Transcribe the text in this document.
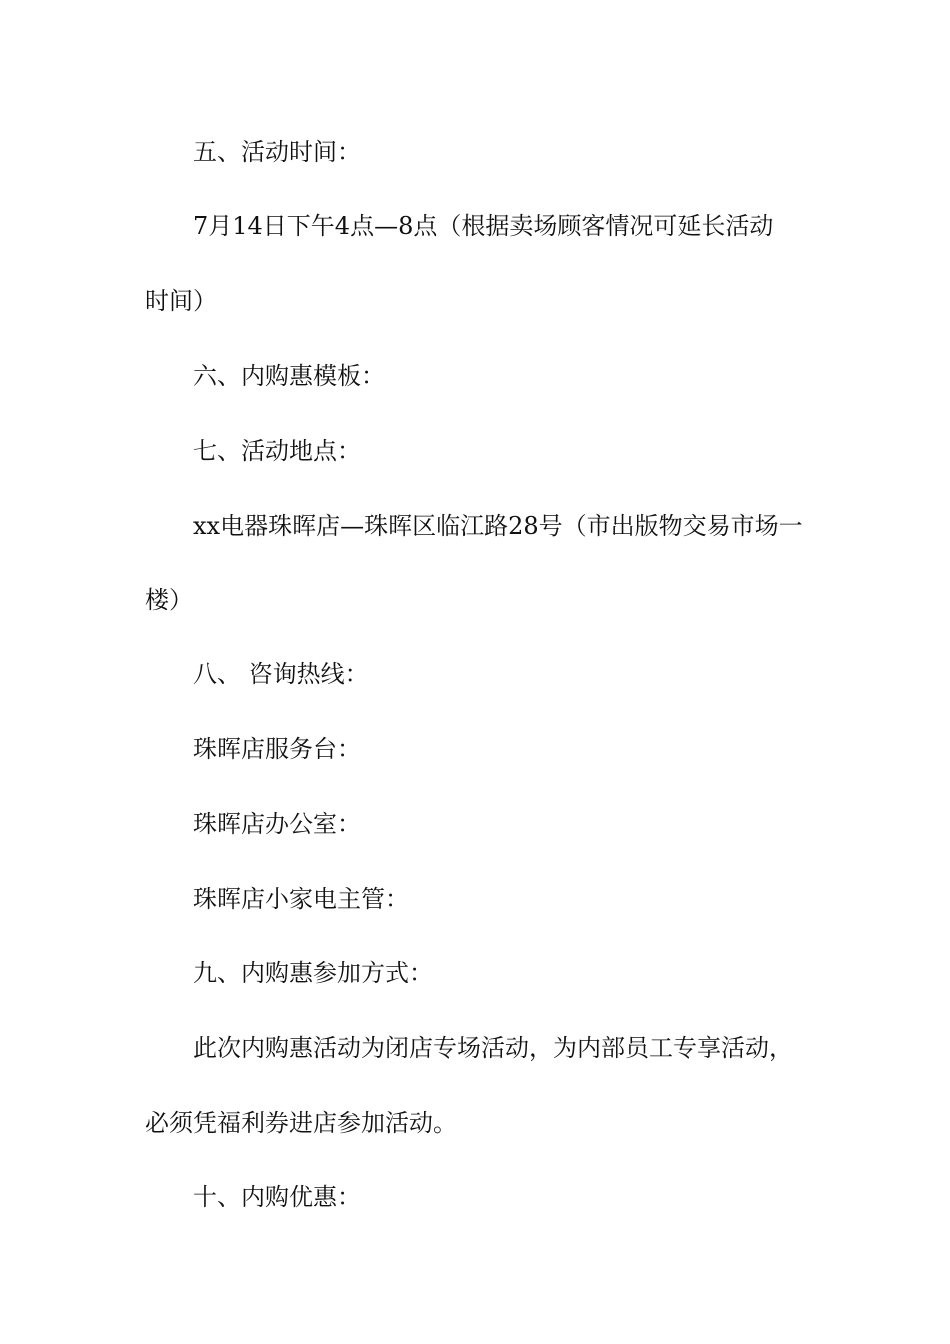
五、活动时间：

7月14日下午4点—8点（根据卖场顾客情况可延长活动

时间）

六、内购惠模板：

七、活动地点：

xx电器珠晖店—珠晖区临江路28号（市出版物交易市场一

楼）

八、 咨询热线：

珠晖店服务台：

珠晖店办公室：

珠晖店小家电主管：

九、内购惠参加方式：

此次内购惠活动为闭店专场活动，为内部员工专享活动，

必须凭福利券进店参加活动。

十、内购优惠：
